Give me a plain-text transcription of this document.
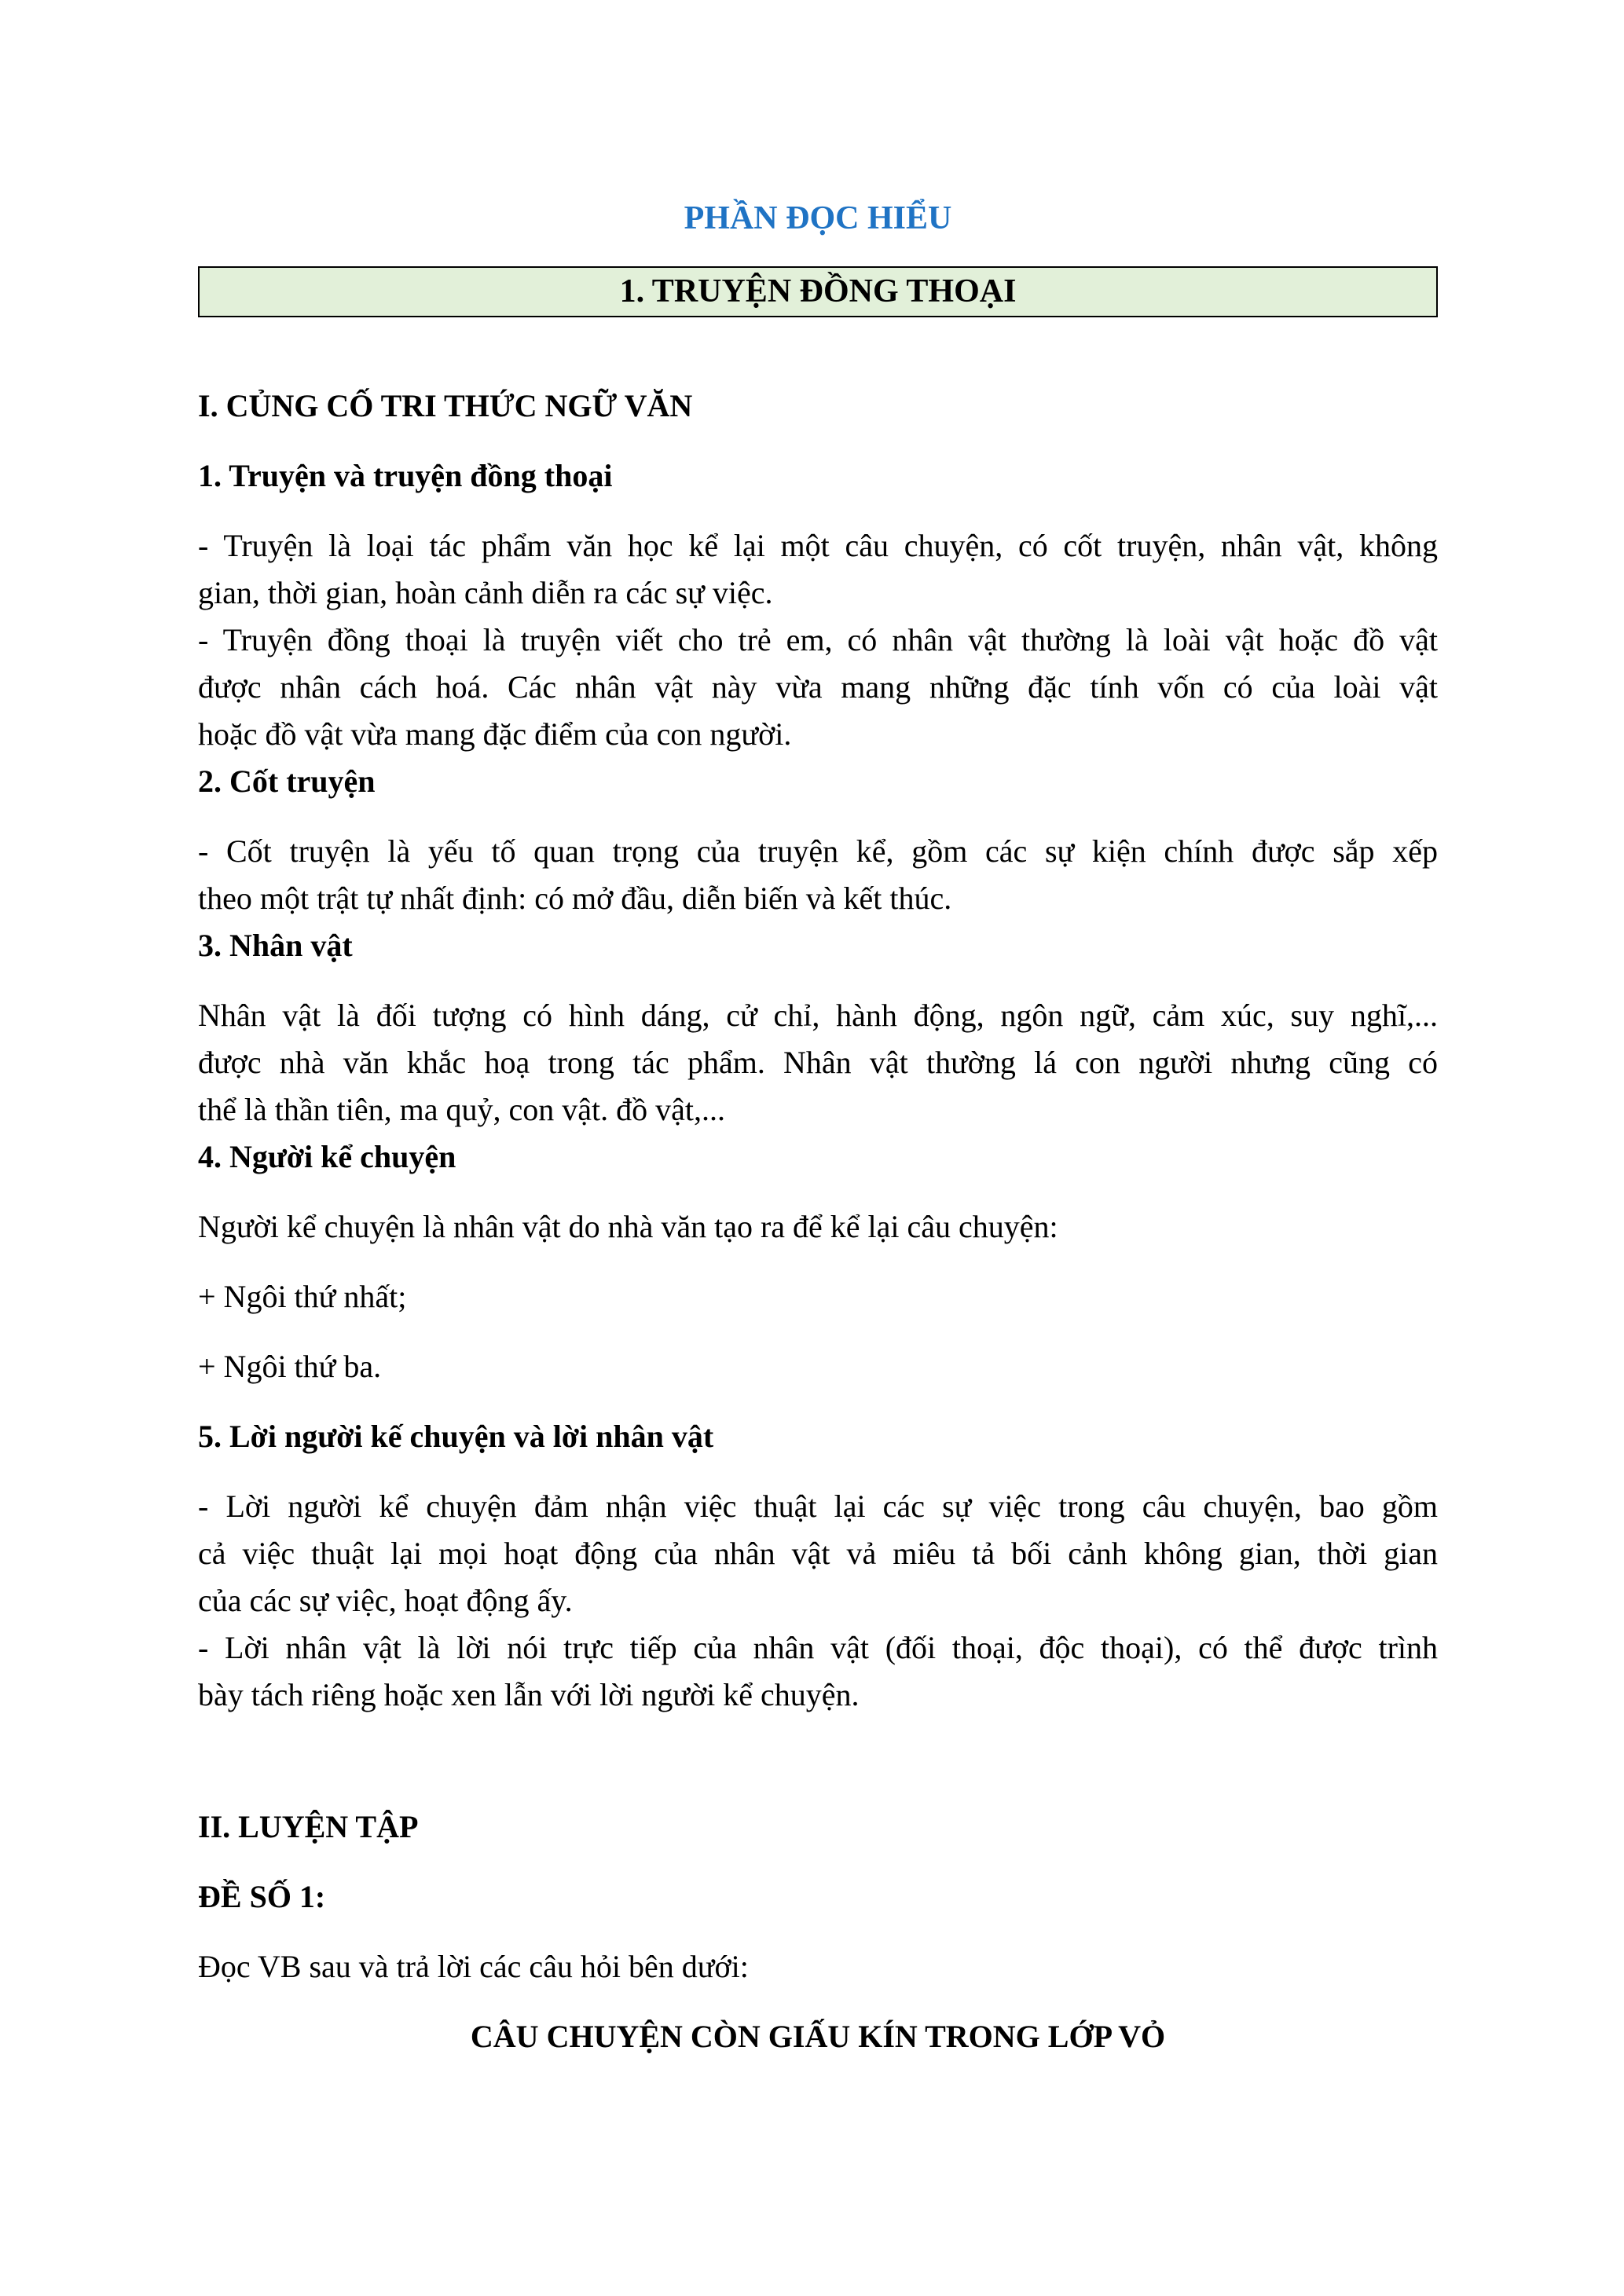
PHẦN ĐỌC HIỂU
1. TRUYỆN ĐỒNG THOẠI
I. CỦNG CỐ TRI THỨC NGỮ VĂN
1. Truyện và truyện đồng thoại
- Truyện là loại tác phẩm văn học kể lại một câu chuyện, có cốt truyện, nhân vật, không
gian, thời gian, hoàn cảnh diễn ra các sự việc.
- Truyện đồng thoại là truyện viết cho trẻ em, có nhân vật thường là loài vật hoặc đồ vật
được nhân cách hoá. Các nhân vật này vừa mang những đặc tính vốn có của loài vật
hoặc đồ vật vừa mang đặc điểm của con người.
2. Cốt truyện
- Cốt truyện là yếu tố quan trọng của truyện kể, gồm các sự kiện chính được sắp xếp
theo một trật tự nhất định: có mở đầu, diễn biến và kết thúc.
3. Nhân vật
Nhân vật là đối tượng có hình dáng, cử chỉ, hành động, ngôn ngữ, cảm xúc, suy nghĩ,...
được nhà văn khắc hoạ trong tác phẩm. Nhân vật thường lá con người nhưng cũng có
thể là thần tiên, ma quỷ, con vật. đồ vật,...
4. Người kể chuyện
Người kể chuyện là nhân vật do nhà văn tạo ra để kể lại câu chuyện:
+ Ngôi thứ nhất;
+ Ngôi thứ ba.
5. Lời người kế chuyện và lời nhân vật
- Lời người kể chuyện đảm nhận việc thuật lại các sự việc trong câu chuyện, bao gồm
cả việc thuật lại mọi hoạt động của nhân vật vả miêu tả bối cảnh không gian, thời gian
của các sự việc, hoạt động ấy.
- Lời nhân vật là lời nói trực tiếp của nhân vật (đối thoại, độc thoại), có thể được trình
bày tách riêng hoặc xen lẫn với lời người kể chuyện.
II. LUYỆN TẬP
ĐỀ SỐ 1:
Đọc VB sau và trả lời các câu hỏi bên dưới:
CÂU CHUYỆN CÒN GIẤU KÍN TRONG LỚP VỎ
